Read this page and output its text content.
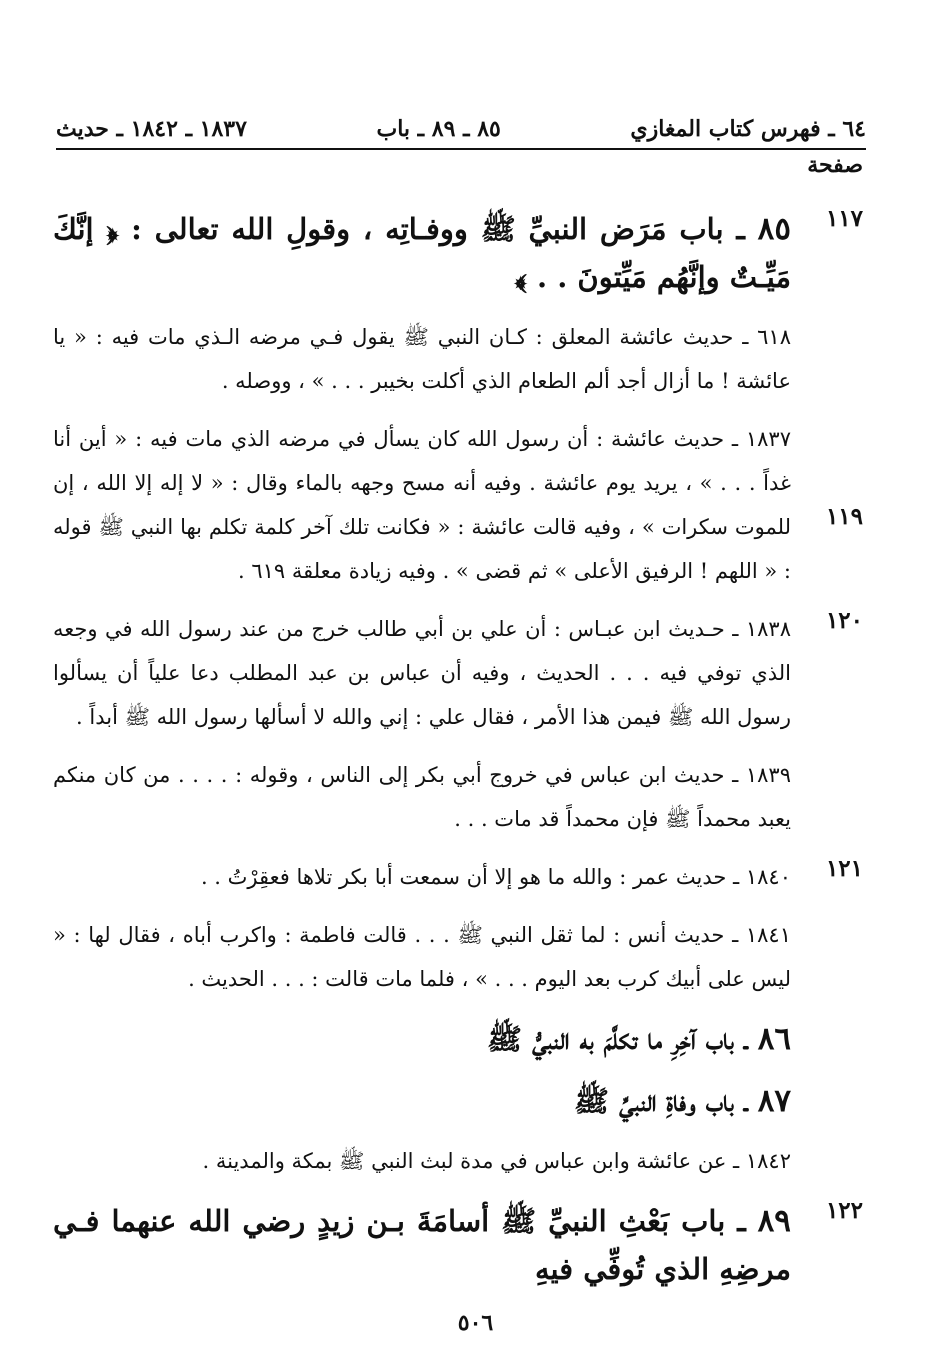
٦٤ ـ فهرس كتاب المغازي
٨٥ ـ ٨٩ ـ باب
١٨٣٧ ـ ١٨٤٢ ـ حديث
صفحة
١١٧

٨٥ ـ باب مَرَض النبيِّ ﷺ ووفـاتِه ، وقولِ الله تعالى : ﴿ إنَّكَ مَيِّـتٌ وإنَّهُم مَيِّتونَ . . ﴾

٦١٨ ـ حديث عائشة المعلق : كـان النبي ﷺ يقول فـي مرضه الـذي مات فيه : « يا عائشة ! ما أزال أجد ألم الطعام الذي أكلت بخيبر . . . » ، ووصله .

١١٩

١٨٣٧ ـ حديث عائشة : أن رسول الله كان يسأل في مرضه الذي مات فيه : « أين أنا غداً . . . » ، يريد يوم عائشة . وفيه أنه مسح وجهه بالماء وقال : « لا إله إلا الله ، إن للموت سكرات » ، وفيه قالت عائشة : « فكانت تلك آخر كلمة تكلم بها النبي ﷺ قوله : « اللهم ! الرفيق الأعلى » ثم قضى » . وفيه زيادة معلقة ٦١٩ .

١٢٠

١٨٣٨ ـ حـديث ابن عبـاس : أن علي بن أبي طالب خرج من عند رسول الله في وجعه الذي توفي فيه . . . الحديث ، وفيه أن عباس بن عبد المطلب دعا علياً أن يسألوا رسول الله ﷺ فيمن هذا الأمر ، فقال علي : إني والله لا أسألها رسول الله ﷺ أبداً .

١٨٣٩ ـ حديث ابن عباس في خروج أبي بكر إلى الناس ، وقوله : . . . . من كان منكم يعبد محمداً ﷺ فإن محمداً قد مات . . .

١٢١

١٨٤٠ ـ حديث عمر : والله ما هو إلا أن سمعت أبا بكر تلاها فعقِرْتُ . .

١٨٤١ ـ حديث أنس : لما ثقل النبي ﷺ . . . قالت فاطمة : واكرب أباه ، فقال لها : « ليس على أبيك كرب بعد اليوم . . . » ، فلما مات قالت : . . . الحديث .

٨٦ ـ باب آخِرِ ما تكلَّمَ به النبيُّ ﷺ

٨٧ ـ باب وفاةِ النبيِّ ﷺ

١٨٤٢ ـ عن عائشة وابن عباس في مدة لبث النبي ﷺ بمكة والمدينة .

١٢٢

٨٩ ـ باب بَعْثِ النبيِّ ﷺ أسامَةَ بـن زيدٍ رضي الله عنهما فـي مرضِهِ الذي تُوفِّي فيهِ

٥٠٦
